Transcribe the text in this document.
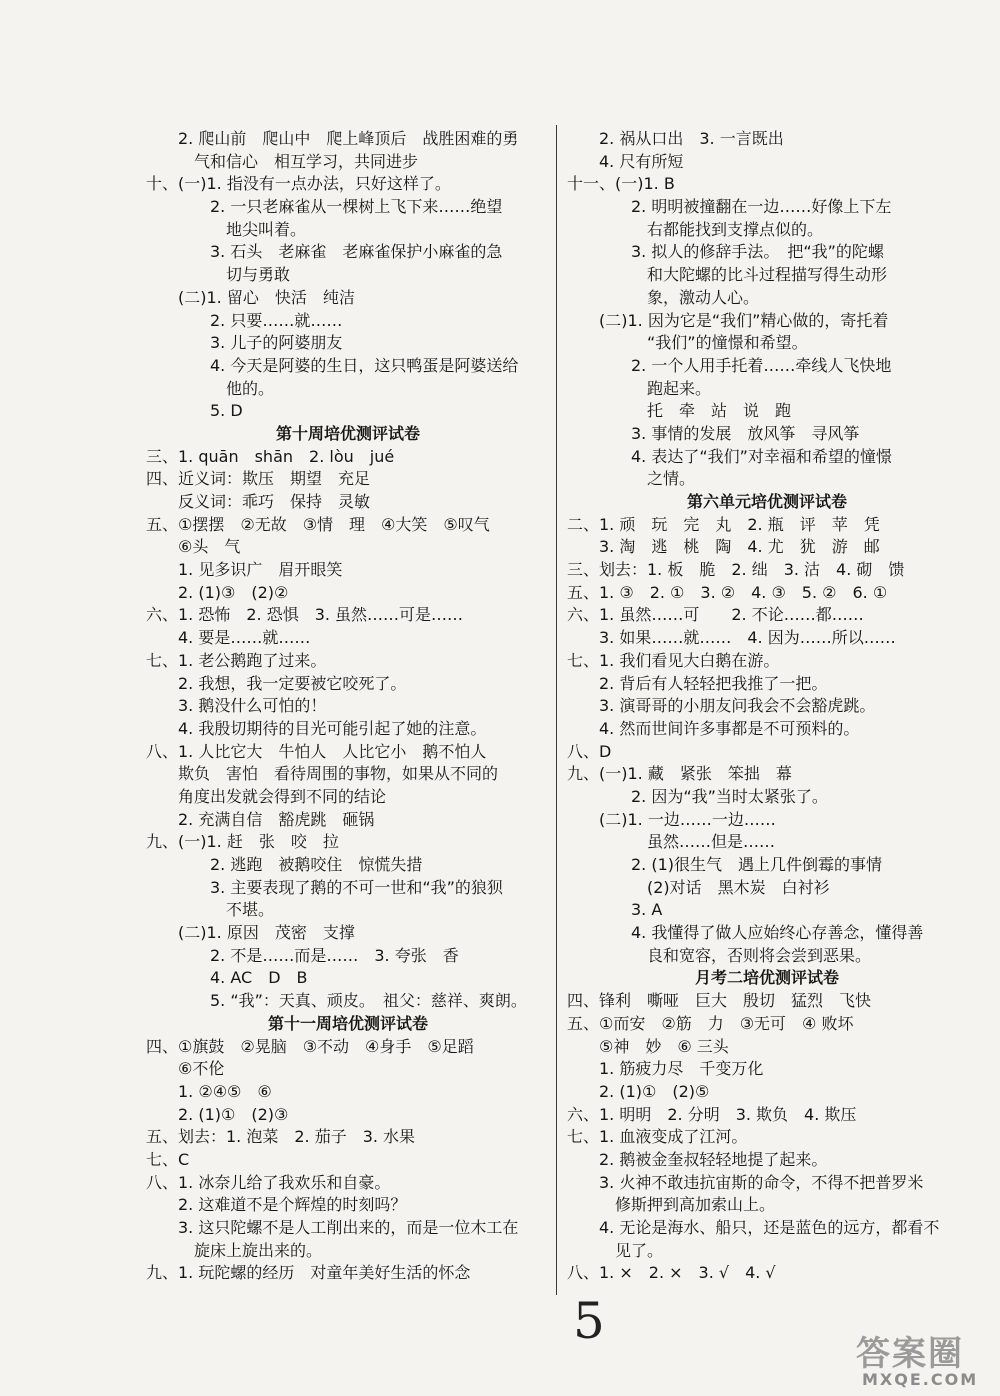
　　2. 爬山前　爬山中　爬上峰顶后　战胜困难的勇
　　　气和信心　相互学习，共同进步
十、(一)1. 指没有一点办法，只好这样了。
　　　　2. 一只老麻雀从一棵树上飞下来……绝望
　　　　　地尖叫着。
　　　　3. 石头　老麻雀　老麻雀保护小麻雀的急
　　　　　切与勇敢
　　(二)1. 留心　快活　纯洁
　　　　2. 只要……就……
　　　　3. 儿子的阿婆朋友
　　　　4. 今天是阿婆的生日，这只鸭蛋是阿婆送给
　　　　　他的。
　　　　5. D
第十周培优测评试卷
三、1. quān　shān　2. lòu　jué
四、近义词：欺压　期望　充足
　　反义词：乖巧　保持　灵敏
五、①摆摆　②无故　③情　理　④大笑　⑤叹气
　　⑥头　气
　　1. 见多识广　眉开眼笑
　　2. (1)③　(2)②
六、1. 恐怖　2. 恐惧　3. 虽然……可是……
　　4. 要是……就……
七、1. 老公鹅跑了过来。
　　2. 我想，我一定要被它咬死了。
　　3. 鹅没什么可怕的！
　　4. 我殷切期待的目光可能引起了她的注意。
八、1. 人比它大　牛怕人　人比它小　鹅不怕人
　　欺负　害怕　看待周围的事物，如果从不同的
　　角度出发就会得到不同的结论
　　2. 充满自信　豁虎跳　砸锅
九、(一)1. 赶　张　咬　拉
　　　　2. 逃跑　被鹅咬住　惊慌失措
　　　　3. 主要表现了鹅的不可一世和“我”的狼狈
　　　　　不堪。
　　(二)1. 原因　茂密　支撑
　　　　2. 不是……而是……　3. 夸张　香
　　　　4. AC　D　B
　　　　5. “我”：天真、顽皮。　祖父：慈祥、爽朗。
第十一周培优测评试卷
四、①旗鼓　②晃脑　③不动　④身手　⑤足蹈
　　⑥不伦
　　1. ②④⑤　⑥
　　2. (1)①　(2)③
五、划去：1. 泡菜　2. 茄子　3. 水果
七、C
八、1. 冰奈儿给了我欢乐和自豪。
　　2. 这难道不是个辉煌的时刻吗？
　　3. 这只陀螺不是人工削出来的，而是一位木工在
　　　旋床上旋出来的。
九、1. 玩陀螺的经历　对童年美好生活的怀念
　　2. 祸从口出　3. 一言既出
　　4. 尺有所短
十一、(一)1. B
　　　　2. 明明被撞翻在一边……好像上下左
　　　　　右都能找到支撑点似的。
　　　　3. 拟人的修辞手法。　把“我”的陀螺
　　　　　和大陀螺的比斗过程描写得生动形
　　　　　象，激动人心。
　　(二)1. 因为它是“我们”精心做的，寄托着
　　　　　“我们”的憧憬和希望。
　　　　2. 一个人用手托着……牵线人飞快地
　　　　　跑起来。
　　　　　托　牵　站　说　跑
　　　　3. 事情的发展　放风筝　寻风筝
　　　　4. 表达了“我们”对幸福和希望的憧憬
　　　　　之情。
第六单元培优测评试卷
二、1. 顽　玩　完　丸　2. 瓶　评　苹　凭
　　3. 淘　逃　桃　陶　4. 尤　犹　游　邮
三、划去：1. 板　脆　2. 绌　3. 沽　4. 砌　馈
五、1. ③　2. ①　3. ②　4. ③　5. ②　6. ①
六、1. 虽然……可　　2. 不论……都……
　　3. 如果……就……　4. 因为……所以……
七、1. 我们看见大白鹅在游。
　　2. 背后有人轻轻把我推了一把。
　　3. 演哥哥的小朋友问我会不会豁虎跳。
　　4. 然而世间许多事都是不可预料的。
八、D
九、(一)1. 藏　紧张　笨拙　幕
　　　　2. 因为“我”当时太紧张了。
　　(二)1. 一边……一边……
　　　　　虽然……但是……
　　　　2. (1)很生气　遇上几件倒霉的事情
　　　　　(2)对话　黑木炭　白衬衫
　　　　3. A
　　　　4. 我懂得了做人应始终心存善念，懂得善
　　　　　良和宽容，否则将会尝到恶果。
月考二培优测评试卷
四、锋利　嘶哑　巨大　殷切　猛烈　飞快
五、①而安　②筋　力　③无可　④ 败坏
　　⑤神　妙　⑥ 三头
　　1. 筋疲力尽　千变万化
　　2. (1)①　(2)⑤
六、1. 明明　2. 分明　3. 欺负　4. 欺压
七、1. 血液变成了江河。
　　2. 鹅被金奎叔轻轻地提了起来。
　　3. 火神不敢违抗宙斯的命令，不得不把普罗米
　　　修斯押到高加索山上。
　　4. 无论是海水、船只，还是蓝色的远方，都看不
　　　见了。
八、1. ×　2. ×　3. √　4. √
5
答案圈
MXQE.COM
